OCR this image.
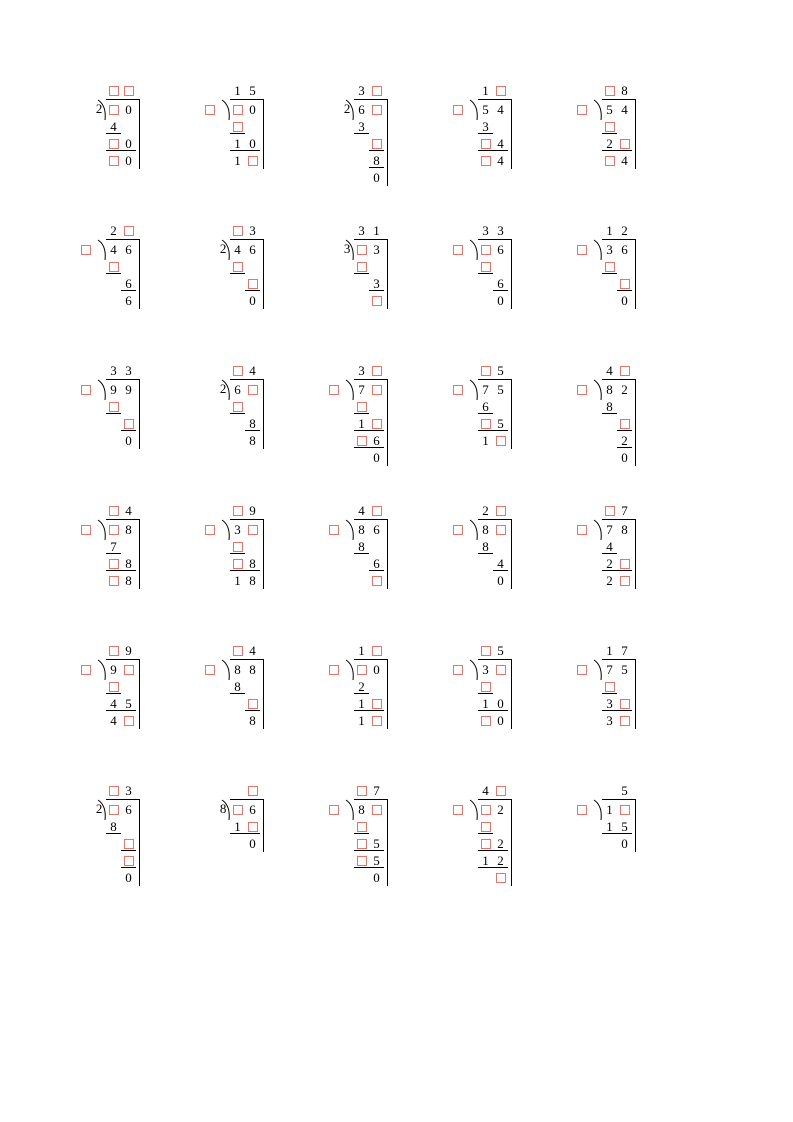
2 	0
4
0
0
1 5
0
1 0
1
2 
3
6
3
8
0
1
5 4
3
4
4
8
5 4
2
4
2
4 6
6
6
2 
3
4 6
0
3 
3 1
3
3
3 3
6
6
0
1 2
3 6
0
3 3
9 9
0
2 
4
6
8
8
3
7
1
6
0
5
7 5
6
5
1
4
8 2
8
2
0
4
8
7
8
8
9
3
8
1 8
4
8 6
8
6
2
8
8
4
0
7
7 8
4
2
2
9
9
4 5
4
4
8 8
8
8
1
0
2
1
1
5
3
1 0
0
1 7
7 5
3
3
2 
3
6
8
0
8 	6
1
0
7
8
5
5
0
4
2
2
1 2
5
1
1 5
0
